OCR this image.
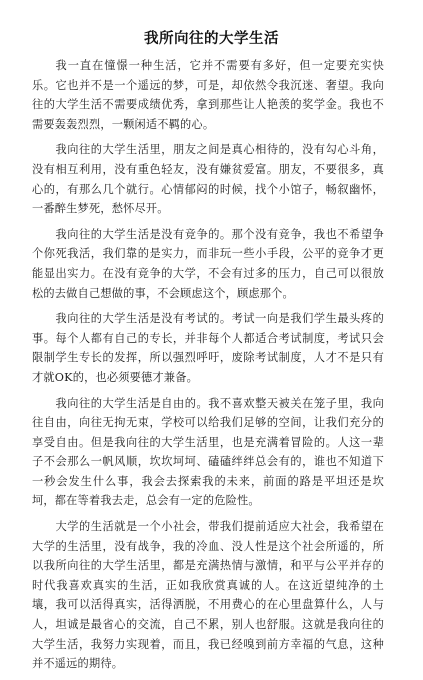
我所向往的大学生活

我一直在憧憬一种生活，它并不需要有多好，但一定要充实快乐。它也并不是一个遥远的梦，可是，却依然令我沉迷、奢望。我向往的大学生活不需要成绩优秀，拿到那些让人艳羡的奖学金。我也不需要轰轰烈烈，一颗闲适不羁的心。

我向往的大学生活里，朋友之间是真心相待的，没有勾心斗角，没有相互利用，没有重色轻友，没有嫌贫爱富。朋友，不要很多，真心的，有那么几个就行。心情郁闷的时候，找个小馆子，畅叙幽怀，一番醉生梦死，愁怀尽开。

我向往的大学生活是没有竞争的。那个没有竞争，我也不希望争个你死我活，我们靠的是实力，而非玩一些小手段，公平的竞争才更能显出实力。在没有竞争的大学，不会有过多的压力，自己可以很放松的去做自己想做的事，不会顾虑这个，顾虑那个。

我向往的大学生活是没有考试的。考试一向是我们学生最头疼的事。每个人都有自己的专长，并非每个人都适合考试制度，考试只会限制学生专长的发挥，所以强烈呼吁，废除考试制度，人才不是只有才就OK的，也必须要德才兼备。

我向往的大学生活是自由的。我不喜欢整天被关在笼子里，我向往自由，向往无拘无束，学校可以给我们足够的空间，让我们充分的享受自由。但是我向往的大学生活里，也是充满着冒险的。人这一辈子不会那么一帆风顺，坎坎坷坷、磕磕绊绊总会有的，谁也不知道下一秒会发生什么事，我会去探索我的未来，前面的路是平坦还是坎坷，都在等着我去走，总会有一定的危险性。

大学的生活就是一个小社会，带我们提前适应大社会，我希望在大学的生活里，没有战争，我的冷血、没人性是这个社会所遥的，所以我所向往的大学生活里，都是充满热情与激情，和平与公平并存的时代我喜欢真实的生活，正如我欣赏真诚的人。在这近望纯净的土壤，我可以活得真实，活得洒脱，不用费心的在心里盘算什么，人与人，坦诚是最省心的交流，自己不累，别人也舒服。这就是我向往的大学生活，我努力实现着，而且，我已经嗅到前方幸福的气息，这种并不遥远的期待。
